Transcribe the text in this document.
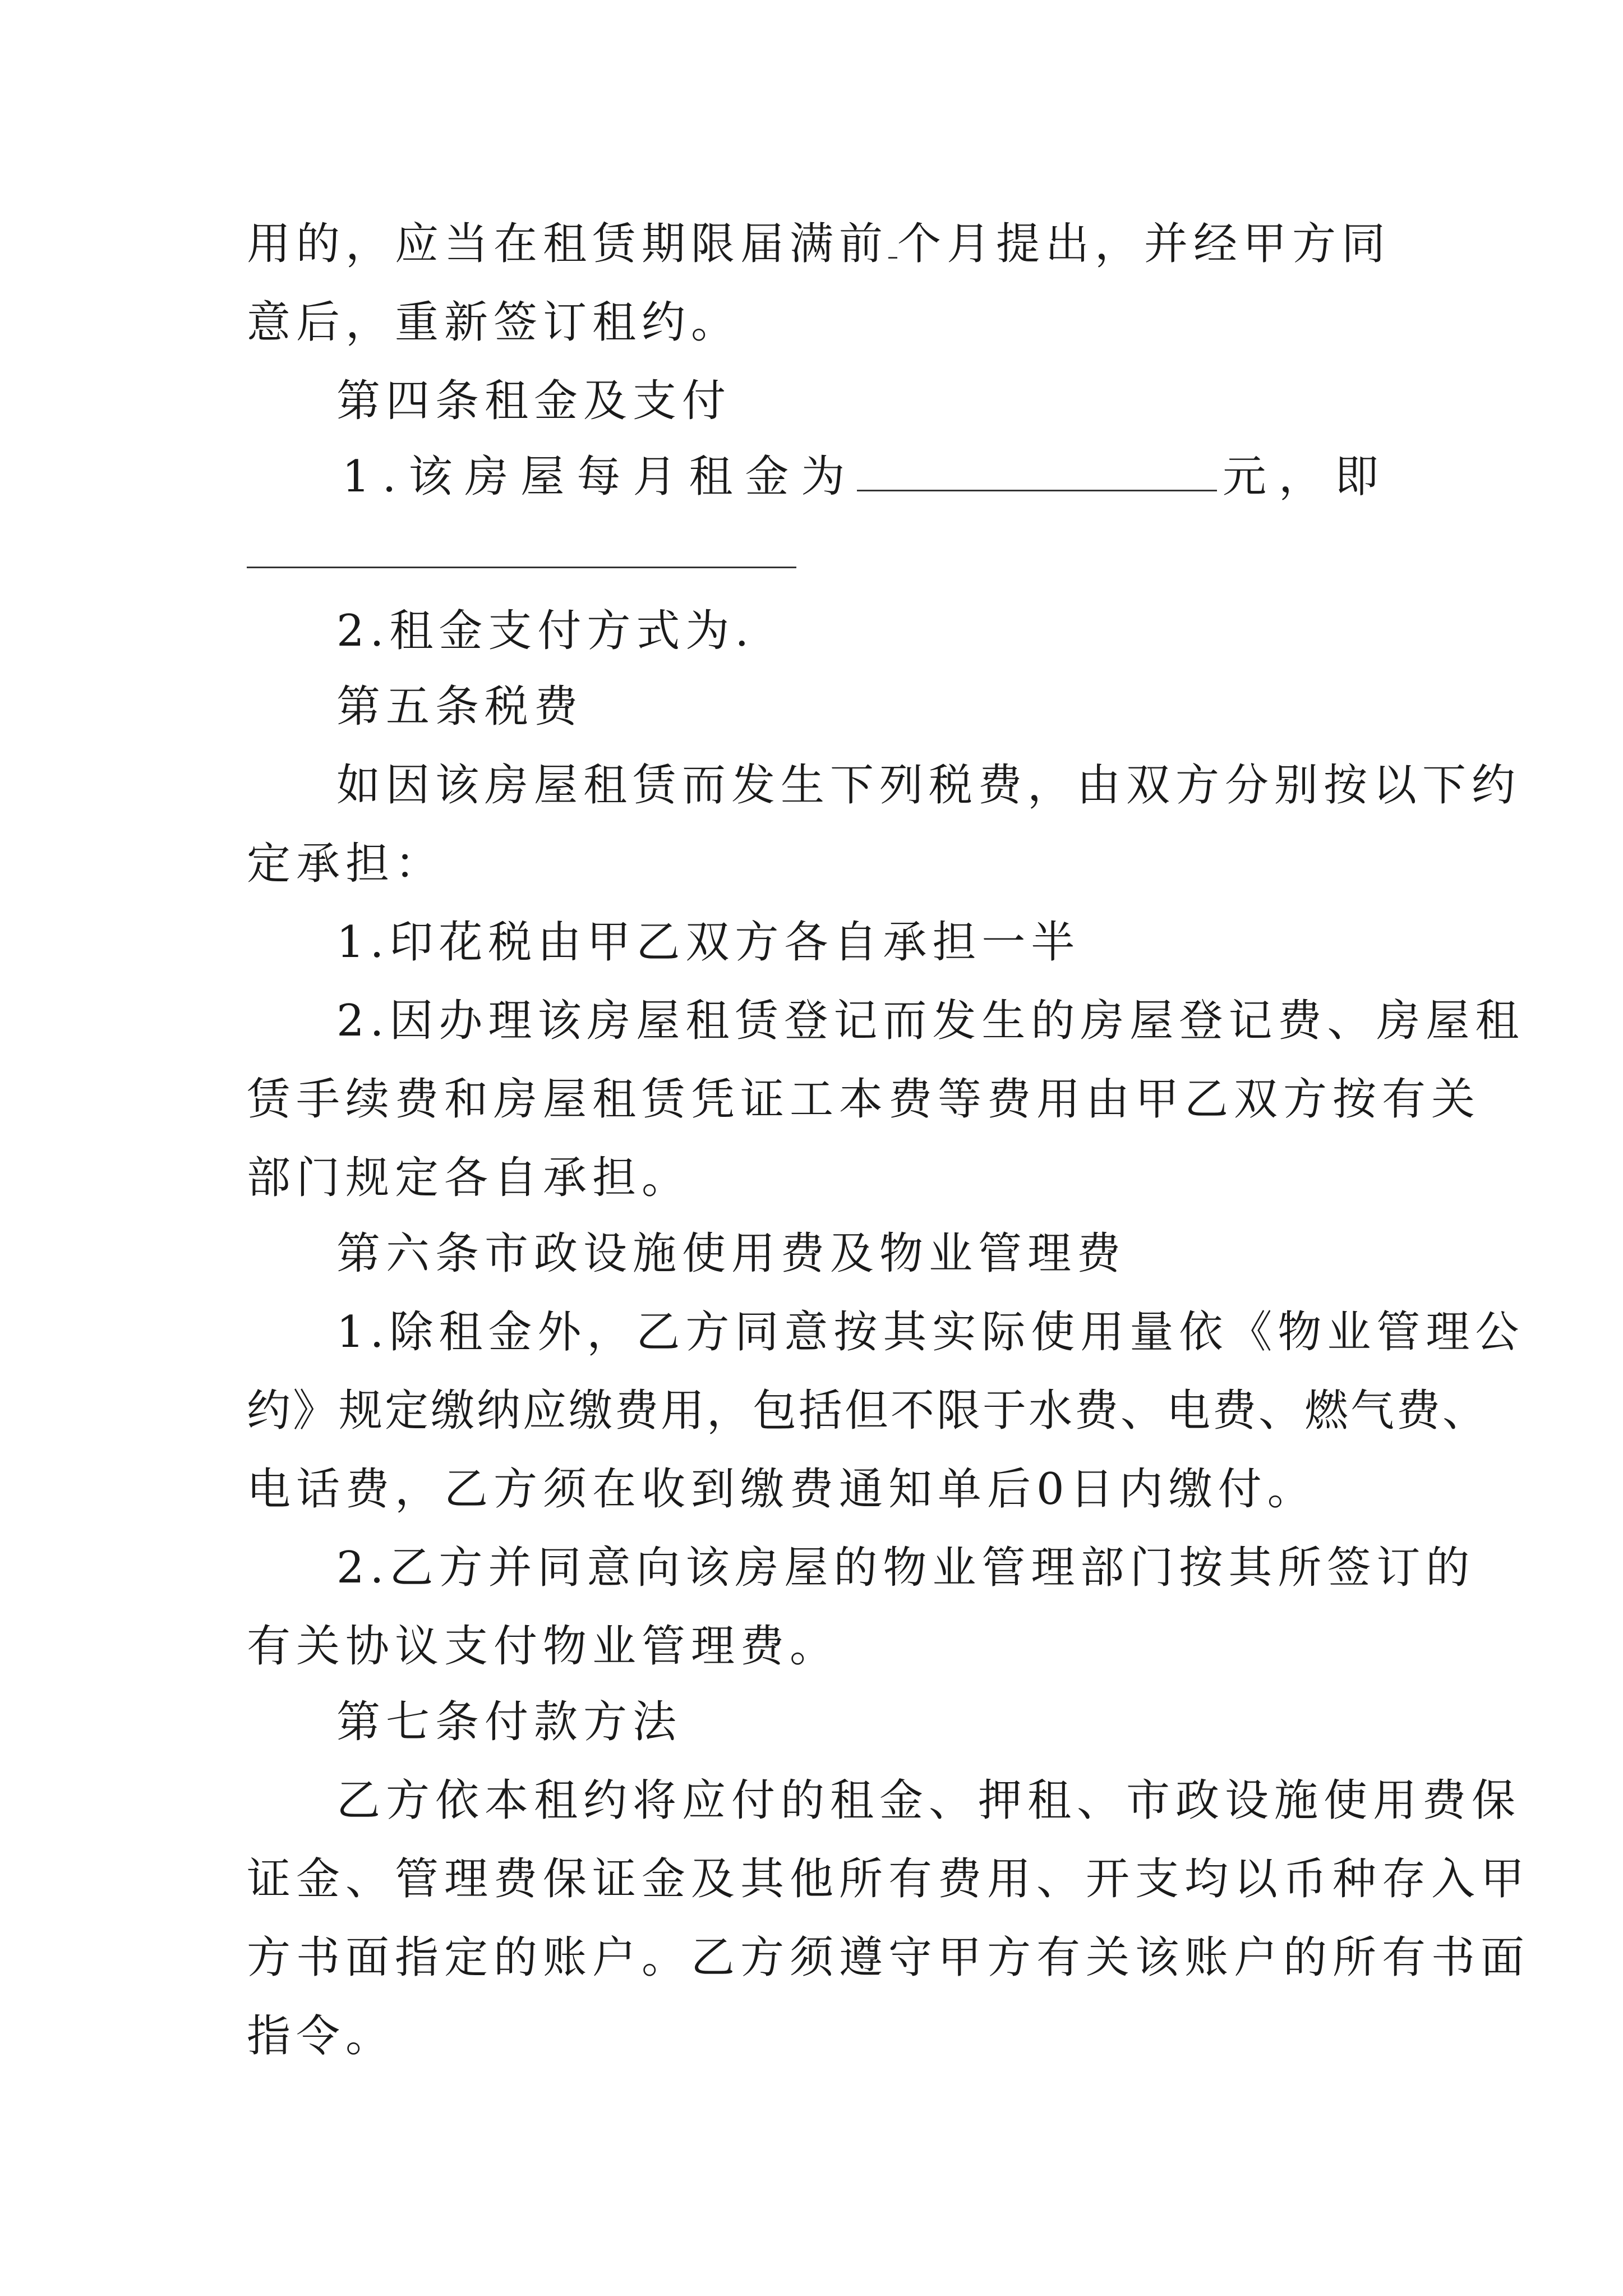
用的，应当在租赁期限届满前 个月提出，并经甲方同
意后，重新签订租约。
第四条租金及支付
1.该房屋每月租金为	元，即
2.租金支付方式为.
第五条税费
如因该房屋租赁而发生下列税费，由双方分别按以下约
定承担：
1.印花税由甲乙双方各自承担一半
2.因办理该房屋租赁登记而发生的房屋登记费、房屋租
赁手续费和房屋租赁凭证工本费等费用由甲乙双方按有关
部门规定各自承担。
第六条市政设施使用费及物业管理费
1.除租金外，乙方同意按其实际使用量依《物业管理公
约》规定缴纳应缴费用，包括但不限于水费、电费、燃气费、
电话费，乙方须在收到缴费通知单后0日内缴付。
2.乙方并同意向该房屋的物业管理部门按其所签订的
有关协议支付物业管理费。
第七条付款方法
乙方依本租约将应付的租金、押租、市政设施使用费保
证金、管理费保证金及其他所有费用、开支均以币种存入甲
方书面指定的账户。乙方须遵守甲方有关该账户的所有书面
指令。
